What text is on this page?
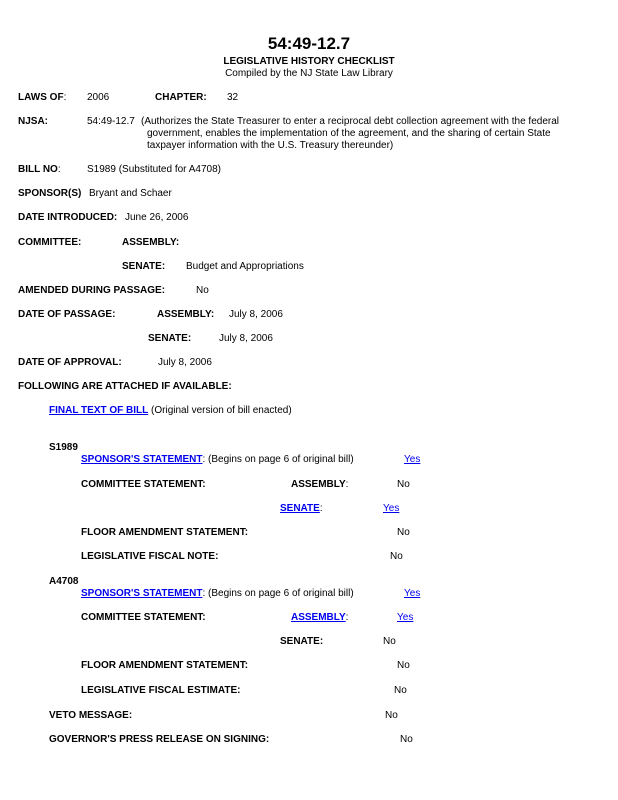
54:49-12.7
LEGISLATIVE HISTORY CHECKLIST
Compiled by the NJ State Law Library
LAWS OF: 2006	CHAPTER: 32
NJSA:	54:49-12.7 (Authorizes the State Treasurer to enter a reciprocal debt collection agreement with the federal
government, enables the implementation of the agreement, and the sharing of certain State
taxpayer information with the U.S. Treasury thereunder)
BILL NO:	S1989 (Substituted for A4708)
SPONSOR(S) Bryant and Schaer
DATE INTRODUCED: June 26, 2006
COMMITTEE:	ASSEMBLY:
SENATE: Budget and Appropriations
AMENDED DURING PASSAGE:	No
DATE OF PASSAGE:	ASSEMBLY: July 8, 2006
SENATE:	July 8, 2006
DATE OF APPROVAL:	July 8, 2006
FOLLOWING ARE ATTACHED IF AVAILABLE:
FINAL TEXT OF BILL (Original version of bill enacted)
S1989
SPONSOR'S STATEMENT: (Begins on page 6 of original bill)	Yes
COMMITTEE STATEMENT:	ASSEMBLY:	No
SENATE:	Yes
FLOOR AMENDMENT STATEMENT:	No
LEGISLATIVE FISCAL NOTE:	No
A4708
SPONSOR'S STATEMENT: (Begins on page 6 of original bill)	Yes
COMMITTEE STATEMENT:	ASSEMBLY:	Yes
SENATE:	No
FLOOR AMENDMENT STATEMENT:	No
LEGISLATIVE FISCAL ESTIMATE:	No
VETO MESSAGE:	No
GOVERNOR'S PRESS RELEASE ON SIGNING:	No
